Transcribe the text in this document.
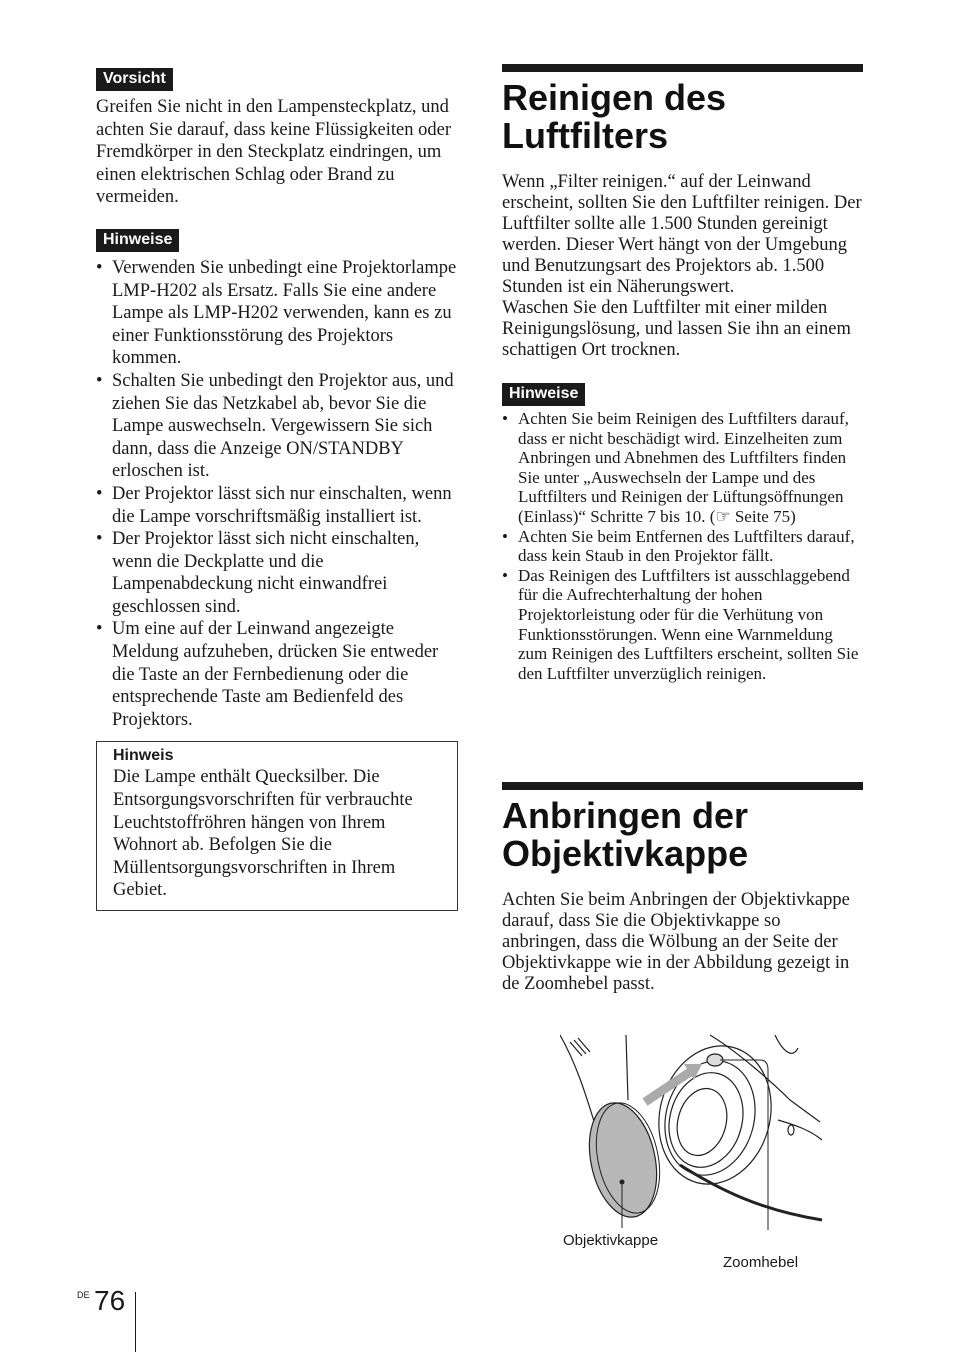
Vorsicht
Greifen Sie nicht in den Lampensteckplatz, und achten Sie darauf, dass keine Flüssigkeiten oder Fremdkörper in den Steckplatz eindringen, um einen elektrischen Schlag oder Brand zu vermeiden.
Hinweise
• Verwenden Sie unbedingt eine Projektorlampe LMP-H202 als Ersatz. Falls Sie eine andere Lampe als LMP-H202 verwenden, kann es zu einer Funktionsstörung des Projektors kommen.
• Schalten Sie unbedingt den Projektor aus, und ziehen Sie das Netzkabel ab, bevor Sie die Lampe auswechseln. Vergewissern Sie sich dann, dass die Anzeige ON/STANDBY erloschen ist.
• Der Projektor lässt sich nur einschalten, wenn die Lampe vorschriftsmäßig installiert ist.
• Der Projektor lässt sich nicht einschalten, wenn die Deckplatte und die Lampenabdeckung nicht einwandfrei geschlossen sind.
• Um eine auf der Leinwand angezeigte Meldung aufzuheben, drücken Sie entweder die Taste an der Fernbedienung oder die entsprechende Taste am Bedienfeld des Projektors.
Hinweis
Die Lampe enthält Quecksilber. Die Entsorgungsvorschriften für verbrauchte Leuchtstoffröhren hängen von Ihrem Wohnort ab. Befolgen Sie die Müllentsorgungsvorschriften in Ihrem Gebiet.
Reinigen des Luftfilters
Wenn „Filter reinigen.“ auf der Leinwand erscheint, sollten Sie den Luftfilter reinigen. Der Luftfilter sollte alle 1.500 Stunden gereinigt werden. Dieser Wert hängt von der Umgebung und Benutzungsart des Projektors ab. 1.500 Stunden ist ein Näherungswert.
Waschen Sie den Luftfilter mit einer milden Reinigungslösung, und lassen Sie ihn an einem schattigen Ort trocknen.
Hinweise
• Achten Sie beim Reinigen des Luftfilters darauf, dass er nicht beschädigt wird. Einzelheiten zum Anbringen und Abnehmen des Luftfilters finden Sie unter „Auswechseln der Lampe und des Luftfilters und Reinigen der Lüftungsöffnungen (Einlass)“ Schritte 7 bis 10. (☞ Seite 75)
• Achten Sie beim Entfernen des Luftfilters darauf, dass kein Staub in den Projektor fällt.
• Das Reinigen des Luftfilters ist ausschlaggebend für die Aufrechterhaltung der hohen Projektorleistung oder für die Verhütung von Funktionsstörungen. Wenn eine Warnmeldung zum Reinigen des Luftfilters erscheint, sollten Sie den Luftfilter unverzüglich reinigen.
Anbringen der Objektivkappe
Achten Sie beim Anbringen der Objektivkappe darauf, dass Sie die Objektivkappe so anbringen, dass die Wölbung an der Seite der Objektivkappe wie in der Abbildung gezeigt in de Zoomhebel passt.
Objektivkappe
Zoomhebel
DE 76
